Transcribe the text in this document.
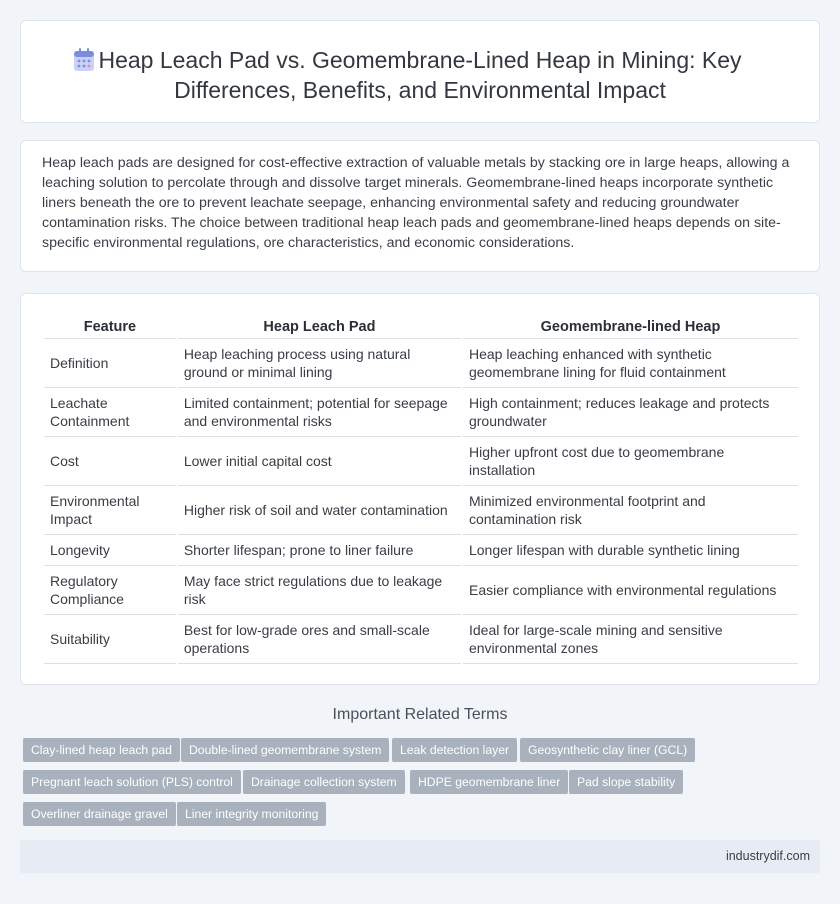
Heap Leach Pad vs. Geomembrane-Lined Heap in Mining: Key Differences, Benefits, and Environmental Impact

Heap leach pads are designed for cost-effective extraction of valuable metals by stacking ore in large heaps, allowing a leaching solution to percolate through and dissolve target minerals. Geomembrane-lined heaps incorporate synthetic liners beneath the ore to prevent leachate seepage, enhancing environmental safety and reducing groundwater contamination risks. The choice between traditional heap leach pads and geomembrane-lined heaps depends on site-specific environmental regulations, ore characteristics, and economic considerations.

Feature	Heap Leach Pad	Geomembrane-lined Heap
Definition	Heap leaching process using natural ground or minimal lining	Heap leaching enhanced with synthetic geomembrane lining for fluid containment
Leachate Containment	Limited containment; potential for seepage and environmental risks	High containment; reduces leakage and protects groundwater
Cost	Lower initial capital cost	Higher upfront cost due to geomembrane installation
Environmental Impact	Higher risk of soil and water contamination	Minimized environmental footprint and contamination risk
Longevity	Shorter lifespan; prone to liner failure	Longer lifespan with durable synthetic lining
Regulatory Compliance	May face strict regulations due to leakage risk	Easier compliance with environmental regulations
Suitability	Best for low-grade ores and small-scale operations	Ideal for large-scale mining and sensitive environmental zones
Important Related Terms
Clay-lined heap leach pad	Double-lined geomembrane system	Leak detection layer	Geosynthetic clay liner (GCL)
Pregnant leach solution (PLS) control	Drainage collection system	HDPE geomembrane liner	Pad slope stability
Overliner drainage gravel	Liner integrity monitoring
industrydif.com
